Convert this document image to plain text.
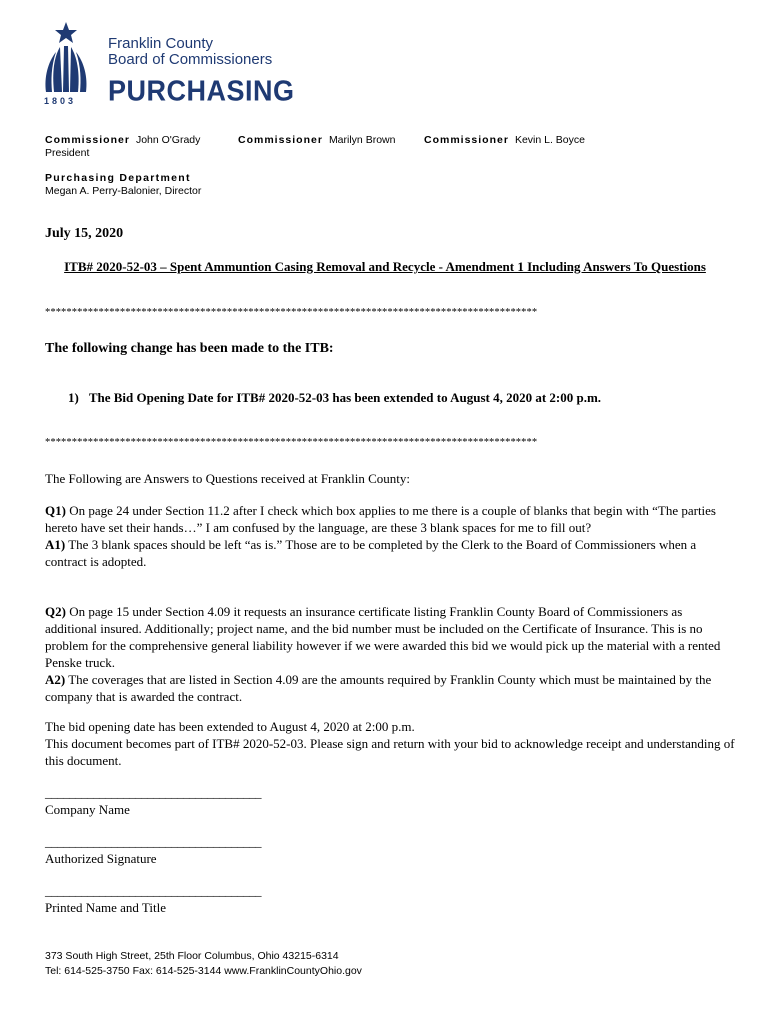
Franklin County
Board of Commissioners
PURCHASING
1803
Commissioner John O'Grady
President
Commissioner Marilyn Brown	Commissioner Kevin L. Boyce
Purchasing Department
Megan A. Perry-Balonier, Director
July 15, 2020
ITB# 2020-52-03 – Spent Ammuntion Casing Removal and Recycle - Amendment 1 Including Answers To Questions
********************************************************************************************
The following change has been made to the ITB:
1) The Bid Opening Date for ITB# 2020-52-03 has been extended to August 4, 2020 at 2:00 p.m.
********************************************************************************************
The Following are Answers to Questions received at Franklin County:

Q1) On page 24 under Section 11.2 after I check which box applies to me there is a couple of blanks that begin with “The parties hereto have set their hands…” I am confused by the language, are these 3 blank spaces for me to fill out?

A1) The 3 blank spaces should be left “as is.” Those are to be completed by the Clerk to the Board of Commissioners when a contract is adopted.

Q2) On page 15 under Section 4.09 it requests an insurance certificate listing Franklin County Board of Commissioners as additional insured. Additionally; project name, and the bid number must be included on the Certificate of Insurance. This is no problem for the comprehensive general liability however if we were awarded this bid we would pick up the material with a rented Penske truck.

A2) The coverages that are listed in Section 4.09 are the amounts required by Franklin County which must be maintained by the company that is awarded the contract.

The bid opening date has been extended to August 4, 2020 at 2:00 p.m.

This document becomes part of ITB# 2020-52-03. Please sign and return with your bid to acknowledge receipt and understanding of this document.

____________________________________
Company Name
____________________________________
Authorized Signature
____________________________________
Printed Name and Title
373 South High Street, 25th Floor Columbus, Ohio 43215-6314
Tel: 614-525-3750 Fax: 614-525-3144 www.FranklinCountyOhio.gov
